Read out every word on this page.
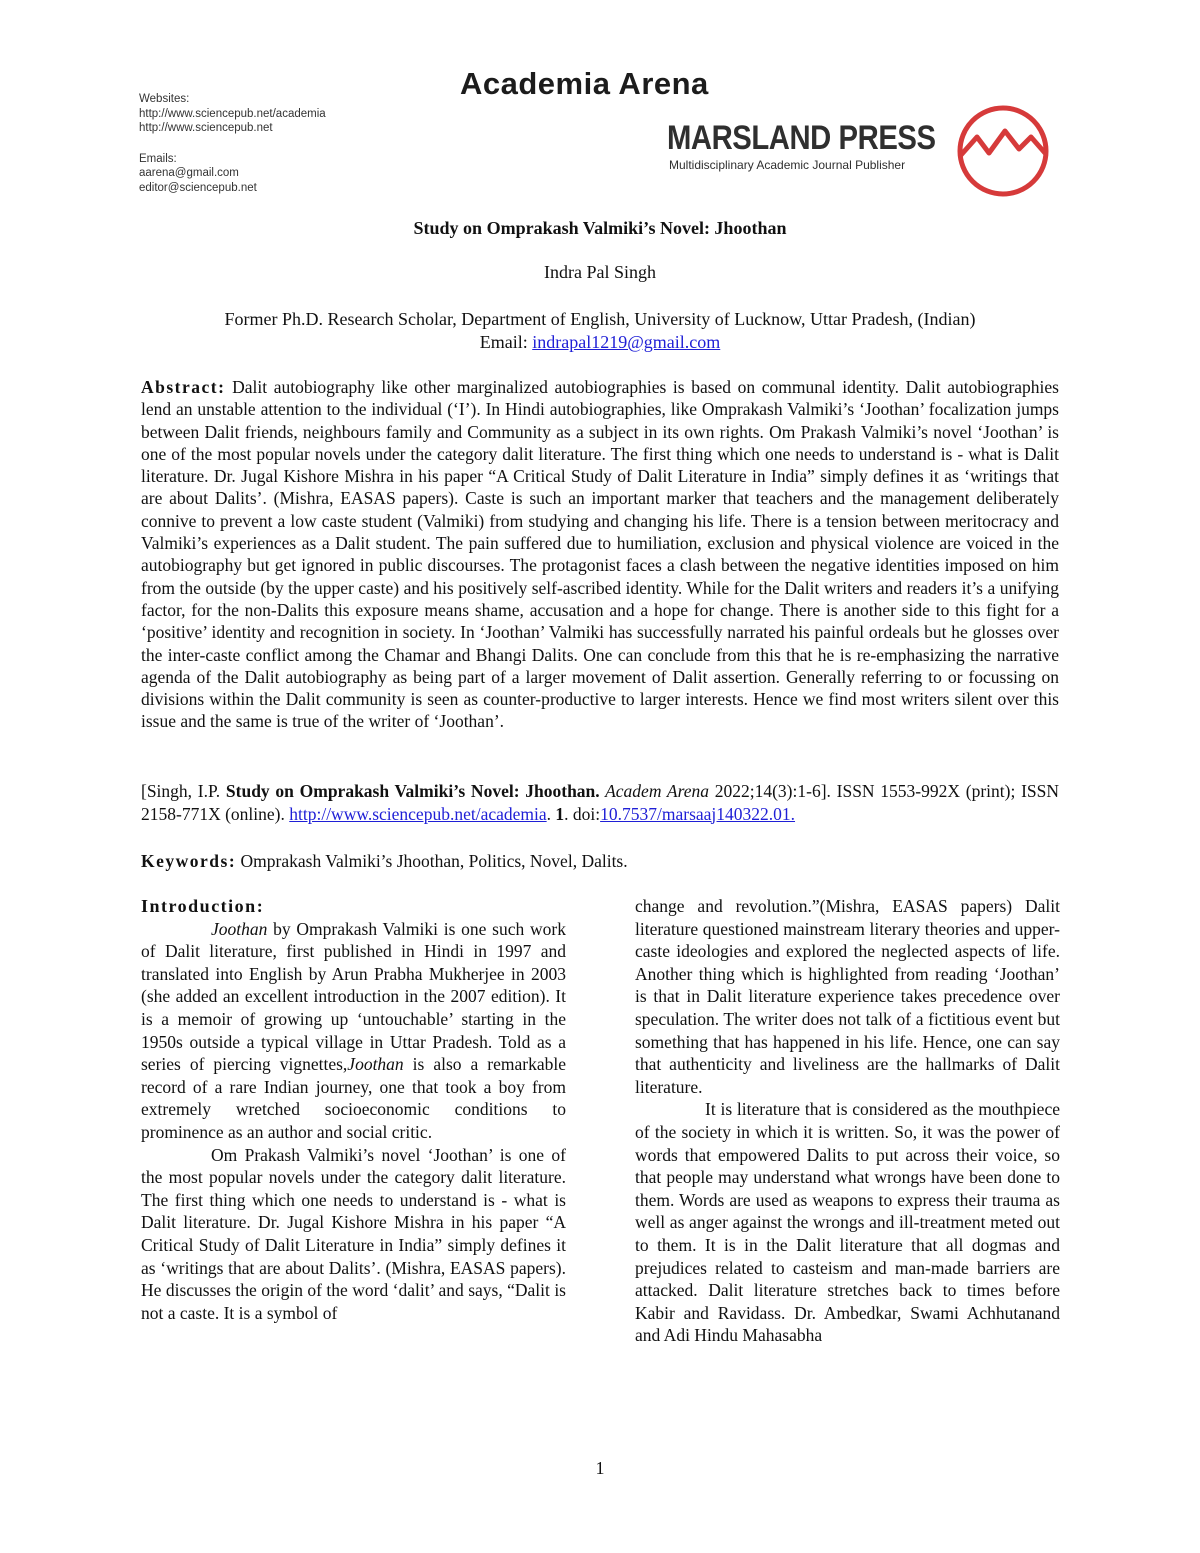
Academia Arena
Websites:
http://www.sciencepub.net/academia
http://www.sciencepub.net
Emails:
aarena@gmail.com
editor@sciencepub.net
MARSLAND PRESS
Multidisciplinary Academic Journal Publisher
Study on Omprakash Valmiki’s Novel: Jhoothan
Indra Pal Singh
Former Ph.D. Research Scholar, Department of English, University of Lucknow, Uttar Pradesh, (Indian)
Email: indrapal1219@gmail.com
Abstract: Dalit autobiography like other marginalized autobiographies is based on communal identity. Dalit autobiographies lend an unstable attention to the individual (‘I’). In Hindi autobiographies, like Omprakash Valmiki’s ‘Joothan’ focalization jumps between Dalit friends, neighbours family and Community as a subject in its own rights. Om Prakash Valmiki’s novel ‘Joothan’ is one of the most popular novels under the category dalit literature. The first thing which one needs to understand is - what is Dalit literature. Dr. Jugal Kishore Mishra in his paper “A Critical Study of Dalit Literature in India” simply defines it as ‘writings that are about Dalits’. (Mishra, EASAS papers). Caste is such an important marker that teachers and the management deliberately connive to prevent a low caste student (Valmiki) from studying and changing his life. There is a tension between meritocracy and Valmiki’s experiences as a Dalit student. The pain suffered due to humiliation, exclusion and physical violence are voiced in the autobiography but get ignored in public discourses. The protagonist faces a clash between the negative identities imposed on him from the outside (by the upper caste) and his positively self-ascribed identity. While for the Dalit writers and readers it’s a unifying factor, for the non-Dalits this exposure means shame, accusation and a hope for change. There is another side to this fight for a ‘positive’ identity and recognition in society. In ‘Joothan’ Valmiki has successfully narrated his painful ordeals but he glosses over the inter-caste conflict among the Chamar and Bhangi Dalits. One can conclude from this that he is re-emphasizing the narrative agenda of the Dalit autobiography as being part of a larger movement of Dalit assertion. Generally referring to or focussing on divisions within the Dalit community is seen as counter-productive to larger interests. Hence we find most writers silent over this issue and the same is true of the writer of ‘Joothan’.
[Singh, I.P. Study on Omprakash Valmiki’s Novel: Jhoothan. Academ Arena 2022;14(3):1-6]. ISSN 1553-992X (print); ISSN 2158-771X (online). http://www.sciencepub.net/academia. 1. doi:10.7537/marsaaj140322.01.
Keywords: Omprakash Valmiki’s Jhoothan, Politics, Novel, Dalits.

Introduction:

Joothan by Omprakash Valmiki is one such work of Dalit literature, first published in Hindi in 1997 and translated into English by Arun Prabha Mukherjee in 2003 (she added an excellent introduction in the 2007 edition). It is a memoir of growing up ‘untouchable’ starting in the 1950s outside a typical village in Uttar Pradesh. Told as a series of piercing vignettes,Joothan is also a remarkable record of a rare Indian journey, one that took a boy from extremely wretched socioeconomic conditions to prominence as an author and social critic.

Om Prakash Valmiki’s novel ‘Joothan’ is one of the most popular novels under the category dalit literature. The first thing which one needs to understand is - what is Dalit literature. Dr. Jugal Kishore Mishra in his paper “A Critical Study of Dalit Literature in India” simply defines it as ‘writings that are about Dalits’. (Mishra, EASAS papers). He discusses the origin of the word ‘dalit’ and says, “Dalit is not a caste. It is a symbol of

change and revolution.”(Mishra, EASAS papers) Dalit literature questioned mainstream literary theories and upper-caste ideologies and explored the neglected aspects of life. Another thing which is highlighted from reading ‘Joothan’ is that in Dalit literature experience takes precedence over speculation. The writer does not talk of a fictitious event but something that has happened in his life. Hence, one can say that authenticity and liveliness are the hallmarks of Dalit literature.

It is literature that is considered as the mouthpiece of the society in which it is written. So, it was the power of words that empowered Dalits to put across their voice, so that people may understand what wrongs have been done to them. Words are used as weapons to express their trauma as well as anger against the wrongs and ill-treatment meted out to them. It is in the Dalit literature that all dogmas and prejudices related to casteism and man-made barriers are attacked. Dalit literature stretches back to times before Kabir and Ravidass. Dr. Ambedkar, Swami Achhutanand and Adi Hindu Mahasabha

1
